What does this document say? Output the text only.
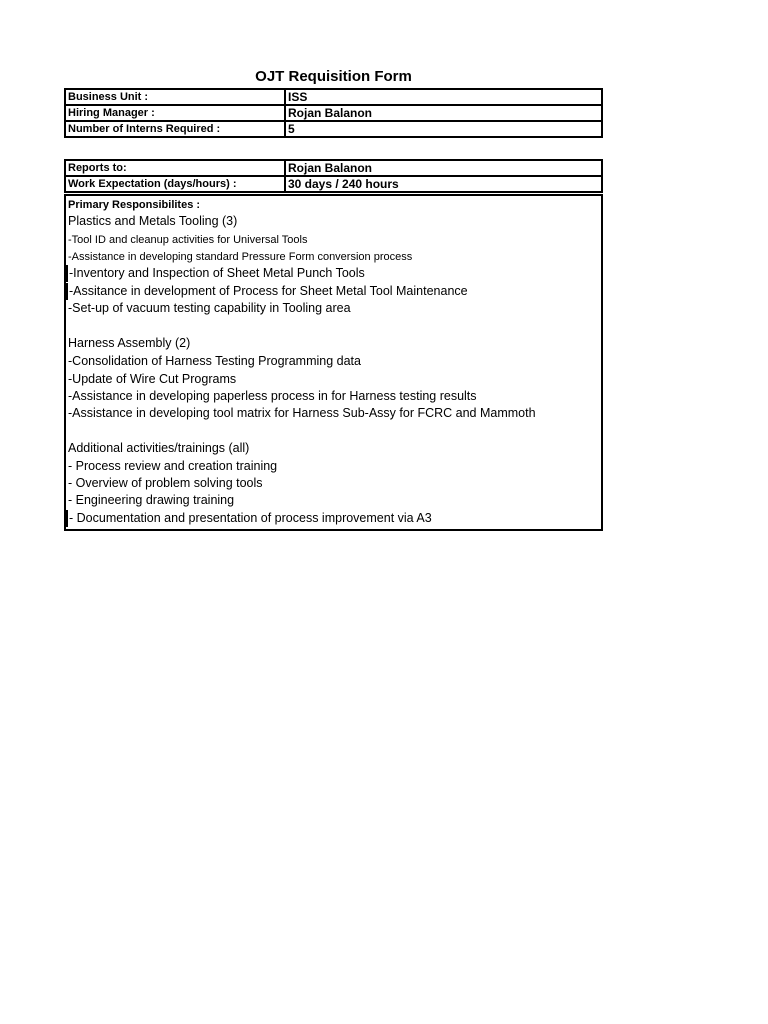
OJT Requisition Form
Business Unit :	ISS
Hiring Manager :	Rojan Balanon
Number of Interns Required :	5
Reports to:	Rojan Balanon
Work Expectation (days/hours) :	30 days / 240 hours
Primary Responsibilites :
Plastics and Metals Tooling (3)
-Tool ID and cleanup activities for Universal Tools
-Assistance in developing standard Pressure Form conversion process
-Inventory and Inspection of Sheet Metal Punch Tools
-Assitance in development of Process for Sheet Metal Tool Maintenance
-Set-up of vacuum testing capability in Tooling area
Harness Assembly (2)
-Consolidation of Harness Testing Programming data
-Update of Wire Cut Programs
-Assistance in developing paperless process in for Harness testing results
-Assistance in developing tool matrix for Harness Sub-Assy for FCRC and Mammoth
Additional activities/trainings (all)
- Process review and creation training
- Overview of problem solving tools
- Engineering drawing training
- Documentation and presentation of process improvement via A3
